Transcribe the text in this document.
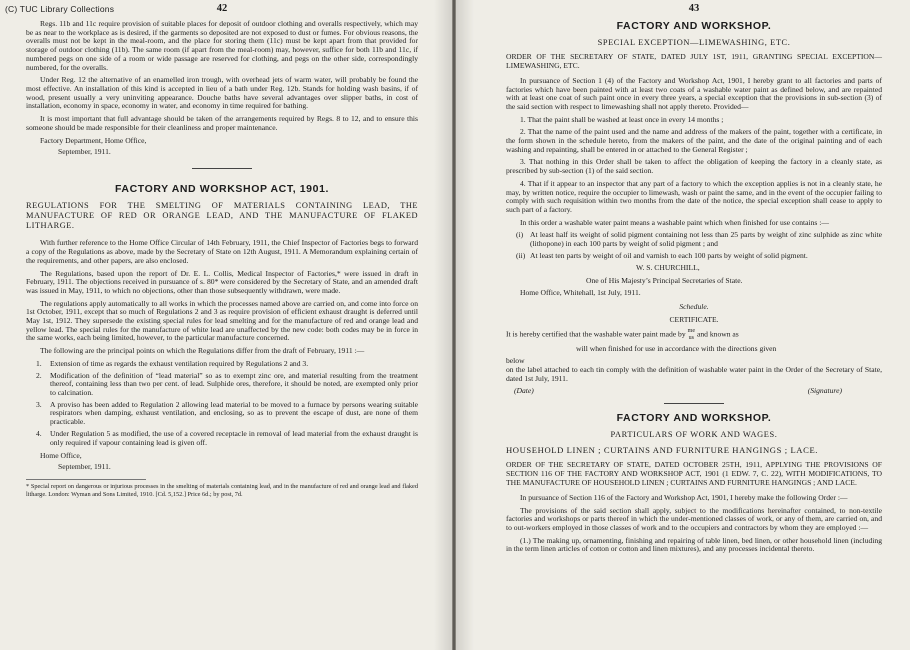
(C) TUC Library Collections	42

Regs. 11b and 11c require provision of suitable places for deposit of outdoor clothing and overalls respectively, which may be as near to the workplace as is desired, if the garments so deposited are not exposed to dust or fumes. For obvious reasons, the overalls must not be kept in the meal-room, and the place for storing them (11c) must be kept apart from that provided for storage of outdoor clothing (11b). The same room (if apart from the meal-room) may, however, suffice for both 11b and 11c, if numbered pegs on one side of a room or wide passage are reserved for clothing, and pegs on the other side, correspondingly numbered, for the overalls.

Under Reg. 12 the alternative of an enamelled iron trough, with overhead jets of warm water, will probably be found the most effective. An installation of this kind is accepted in lieu of a bath under Reg. 12b. Stands for holding wash basins, if of wood, present usually a very uninviting appearance. Douche baths have several advantages over slipper baths, in cost of installation, economy in space, economy in water, and economy in time required for bathing.

It is most important that full advantage should be taken of the arrangements required by Regs. 8 to 12, and to ensure this someone should be made responsible for their cleanliness and proper maintenance.

Factory Department, Home Office,
September, 1911.
FACTORY AND WORKSHOP ACT, 1901.
REGULATIONS FOR THE SMELTING OF MATERIALS CONTAINING LEAD, THE MANUFACTURE OF RED OR ORANGE LEAD, AND THE MANUFACTURE OF FLAKED LITHARGE.

With further reference to the Home Office Circular of 14th February, 1911, the Chief Inspector of Factories begs to forward a copy of the Regulations as above, made by the Secretary of State on 12th August, 1911. A Memorandum explaining certain of the requirements, and other papers, are also enclosed.

The Regulations, based upon the report of Dr. E. L. Collis, Medical Inspector of Factories,* were issued in draft in February, 1911. The objections received in pursuance of s. 80* were considered by the Secretary of State, and an amended draft was issued in May, 1911, to which no objections, other than those subsequently withdrawn, were made.

The regulations apply automatically to all works in which the processes named above are carried on, and come into force on 1st October, 1911, except that so much of Regulations 2 and 3 as require provision of efficient exhaust draught is deferred until May 1st, 1912. They supersede the existing special rules for lead smelting and for the manufacture of red and orange lead and yellow lead. The special rules for the manufacture of white lead are unaffected by the new code: both codes may be in force in the same works, each being limited, however, to the particular manufacture concerned.

The following are the principal points on which the Regulations differ from the draft of February, 1911 :—

1.	Extension of time as regards the exhaust ventilation required by Regulations 2 and 3.
2.	Modification of the definition of “lead material” so as to exempt zinc ore, and material resulting from the treatment thereof, containing less than two per cent. of lead. Sulphide ores, therefore, it should be noted, are exempted only prior to calcination.
3.	A proviso has been added to Regulation 2 allowing lead material to be moved to a furnace by persons wearing suitable respirators when damping, exhaust ventilation, and enclosing, so as to prevent the escape of dust, are none of them practicable.
4.	Under Regulation 5 as modified, the use of a covered receptacle in removal of lead material from the exhaust draught is only required if vapour containing lead is given off.
Home Office,
September, 1911.
* Special report on dangerous or injurious processes in the smelting of materials containing lead, and in the manufacture of red and orange lead and flaked litharge. London: Wyman and Sons Limited, 1910. [Cd. 5,152.] Price 6d.; by post, 7d.
43
FACTORY AND WORKSHOP.
SPECIAL EXCEPTION—LIMEWASHING, ETC.
ORDER OF THE SECRETARY OF STATE, DATED JULY 1ST, 1911, GRANTING SPECIAL EXCEPTION—LIMEWASHING, ETC.

In pursuance of Section 1 (4) of the Factory and Workshop Act, 1901, I hereby grant to all factories and parts of factories which have been painted with at least two coats of a washable water paint as defined below, and are repainted with at least one coat of such paint once in every three years, a special exception that the provisions in sub-section (3) of the said section with respect to limewashing shall not apply thereto. Provided—

1. That the paint shall be washed at least once in every 14 months ;

2. That the name of the paint used and the name and address of the makers of the paint, together with a certificate, in the form shown in the schedule hereto, from the makers of the paint, and the date of the original painting and of each washing and repainting, shall be entered in or attached to the General Register ;

3. That nothing in this Order shall be taken to affect the obligation of keeping the factory in a cleanly state, as prescribed by sub-section (1) of the said section.

4. That if it appear to an inspector that any part of a factory to which the exception applies is not in a cleanly state, he may, by written notice, require the occupier to limewash, wash or paint the same, and in the event of the occupier failing to comply with such requisition within two months from the date of the notice, the special exception shall cease to apply to such part of a factory.

In this order a washable water paint means a washable paint which when finished for use contains :—

(i) At least half its weight of solid pigment containing not less than 25 parts by weight of zinc sulphide as zinc white (lithopone) in each 100 parts by weight of solid pigment ; and
(ii) At least ten parts by weight of oil and varnish to each 100 parts by weight of solid pigment.
W. S. CHURCHILL,
One of His Majesty’s Principal Secretaries of State.

Home Office, Whitehall, 1st July, 1911.

Schedule.
CERTIFICATE.
It is hereby certified that the washable water paint made by me
us and known as
will when finished for use in accordance with the directions given
below
on the label attached to each tin comply with the definition of washable water paint in the Order of the Secretary of State, dated 1st July, 1911.
(Date)	(Signature)
FACTORY AND WORKSHOP.
PARTICULARS OF WORK AND WAGES.
HOUSEHOLD LINEN ; CURTAINS AND FURNITURE HANGINGS ; LACE.
ORDER OF THE SECRETARY OF STATE, DATED OCTOBER 25TH, 1911, APPLYING THE PROVISIONS OF SECTION 116 OF THE FACTORY AND WORKSHOP ACT, 1901 (1 EDW. 7, C. 22), WITH MODIFICATIONS, TO THE MANUFACTURE OF HOUSEHOLD LINEN ; CURTAINS AND FURNITURE HANGINGS ; AND LACE.

In pursuance of Section 116 of the Factory and Workshop Act, 1901, I hereby make the following Order :—

The provisions of the said section shall apply, subject to the modifications hereinafter contained, to non-textile factories and workshops or parts thereof in which the under-mentioned classes of work, or any of them, are carried on, and to out-workers employed in those classes of work and to the occupiers and contractors by whom they are employed :—

(1.) The making up, ornamenting, finishing and repairing of table linen, bed linen, or other household linen (including in the term linen articles of cotton or cotton and linen mixtures), and any processes incidental thereto.
